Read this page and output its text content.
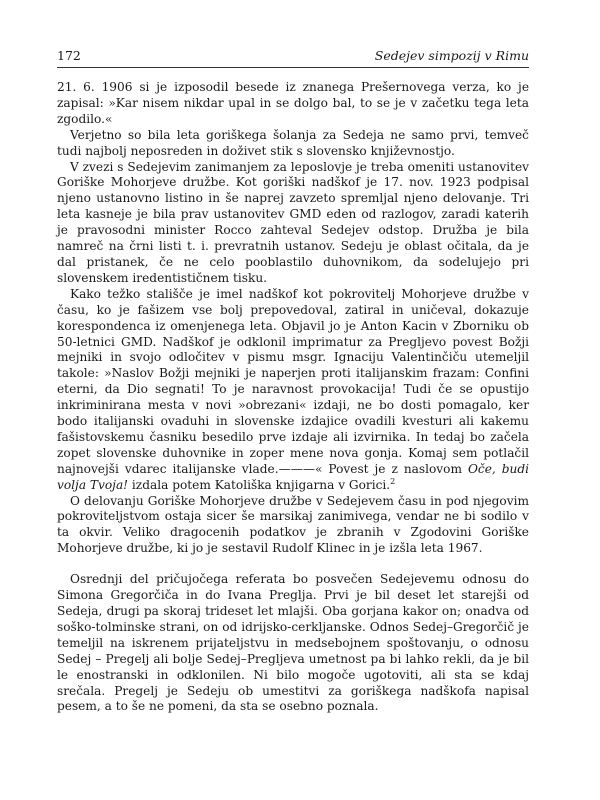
172	Sedejev simpozij v Rimu

21. 6. 1906 si je izposodil besede iz znanega Prešernovega verza, ko je zapisal: »Kar nisem nikdar upal in se dolgo bal, to se je v začetku tega leta zgodilo.«

Verjetno so bila leta goriškega šolanja za Sedeja ne samo prvi, temveč tudi najbolj neposreden in doživet stik s slovensko književnostjo.

V zvezi s Sedejevim zanimanjem za leposlovje je treba omeniti ustanovitev Goriške Mohorjeve družbe. Kot goriški nadškof je 17. nov. 1923 podpisal njeno ustanovno listino in še naprej zavzeto spremljal njeno delovanje. Tri leta kasneje je bila prav ustanovitev GMD eden od razlogov, zaradi katerih je pravosodni minister Rocco zahteval Sedejev odstop. Družba je bila namreč na črni listi t. i. prevratnih ustanov. Sedeju je oblast očitala, da je dal pristanek, če ne celo pooblastilo duhovnikom, da sodelujejo pri slovenskem iredentističnem tisku.

Kako težko stališče je imel nadškof kot pokrovitelj Mohorjeve družbe v času, ko je fašizem vse bolj prepovedoval, zatiral in uničeval, dokazuje korespondenca iz omenjenega leta. Objavil jo je Anton Kacin v Zborniku ob 50-letnici GMD. Nadškof je odklonil imprimatur za Pregljevo povest Božji mejniki in svojo odločitev v pismu msgr. Ignaciju Valentinčiču utemeljil takole: »Naslov Božji mejniki je naperjen proti italijanskim frazam: Confini eterni, da Dio segnati! To je naravnost provokacija! Tudi če se opustijo inkriminirana mesta v novi »obrezani« izdaji, ne bo dosti pomagalo, ker bodo italijanski ovaduhi in slovenske izdajice ovadili kvesturi ali kakemu fašistovskemu časniku besedilo prve izdaje ali izvirnika. In tedaj bo začela zopet slovenske duhovnike in zoper mene nova gonja. Komaj sem potlačil najnovejši vdarec italijanske vlade.———« Povest je z naslovom Oče, budi volja Tvoja! izdala potem Katoliška knjigarna v Gorici.$^2$

O delovanju Goriške Mohorjeve družbe v Sedejevem času in pod njegovim pokroviteljstvom ostaja sicer še marsikaj zanimivega, vendar ne bi sodilo v ta okvir. Veliko dragocenih podatkov je zbranih v Zgodovini Goriške Mohorjeve družbe, ki jo je sestavil Rudolf Klinec in je izšla leta 1967.

Osrednji del pričujočega referata bo posvečen Sedejevemu odnosu do Simona Gregorčiča in do Ivana Preglja. Prvi je bil deset let starejši od Sedeja, drugi pa skoraj trideset let mlajši. Oba gorjana kakor on; onadva od soško-tolminske strani, on od idrijsko-cerkljanske. Odnos Sedej–Gregorčič je temeljil na iskrenem prijateljstvu in medsebojnem spoštovanju, o odnosu Sedej – Pregelj ali bolje Sedej–Pregljeva umetnost pa bi lahko rekli, da je bil le enostranski in odklonilen. Ni bilo mogoče ugotoviti, ali sta se kdaj srečala. Pregelj je Sedeju ob umestitvi za goriškega nadškofa napisal pesem, a to še ne pomeni, da sta se osebno poznala.
